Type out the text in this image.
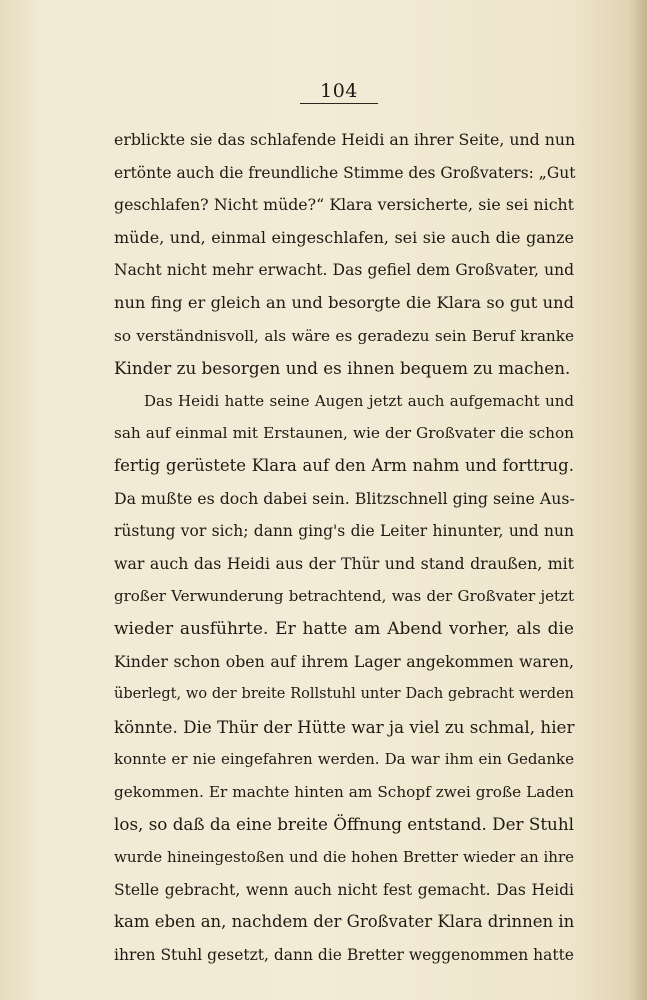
104
erblickte sie das schlafende Heidi an ihrer Seite, und nun
ertönte auch die freundliche Stimme des Großvaters: „Gut
geschlafen? Nicht müde?“ Klara versicherte, sie sei nicht
müde, und, einmal eingeschlafen, sei sie auch die ganze
Nacht nicht mehr erwacht. Das gefiel dem Großvater, und
nun fing er gleich an und besorgte die Klara so gut und
so verständnisvoll, als wäre es geradezu sein Beruf kranke
Kinder zu besorgen und es ihnen bequem zu machen.
Das Heidi hatte seine Augen jetzt auch aufgemacht und
sah auf einmal mit Erstaunen, wie der Großvater die schon
fertig gerüstete Klara auf den Arm nahm und forttrug.
Da mußte es doch dabei sein. Blitzschnell ging seine Aus-
rüstung vor sich; dann ging's die Leiter hinunter, und nun
war auch das Heidi aus der Thür und stand draußen, mit
großer Verwunderung betrachtend, was der Großvater jetzt
wieder ausführte. Er hatte am Abend vorher, als die
Kinder schon oben auf ihrem Lager angekommen waren,
überlegt, wo der breite Rollstuhl unter Dach gebracht werden
könnte. Die Thür der Hütte war ja viel zu schmal, hier
konnte er nie eingefahren werden. Da war ihm ein Gedanke
gekommen. Er machte hinten am Schopf zwei große Laden
los, so daß da eine breite Öffnung entstand. Der Stuhl
wurde hineingestoßen und die hohen Bretter wieder an ihre
Stelle gebracht, wenn auch nicht fest gemacht. Das Heidi
kam eben an, nachdem der Großvater Klara drinnen in
ihren Stuhl gesetzt, dann die Bretter weggenommen hatte
